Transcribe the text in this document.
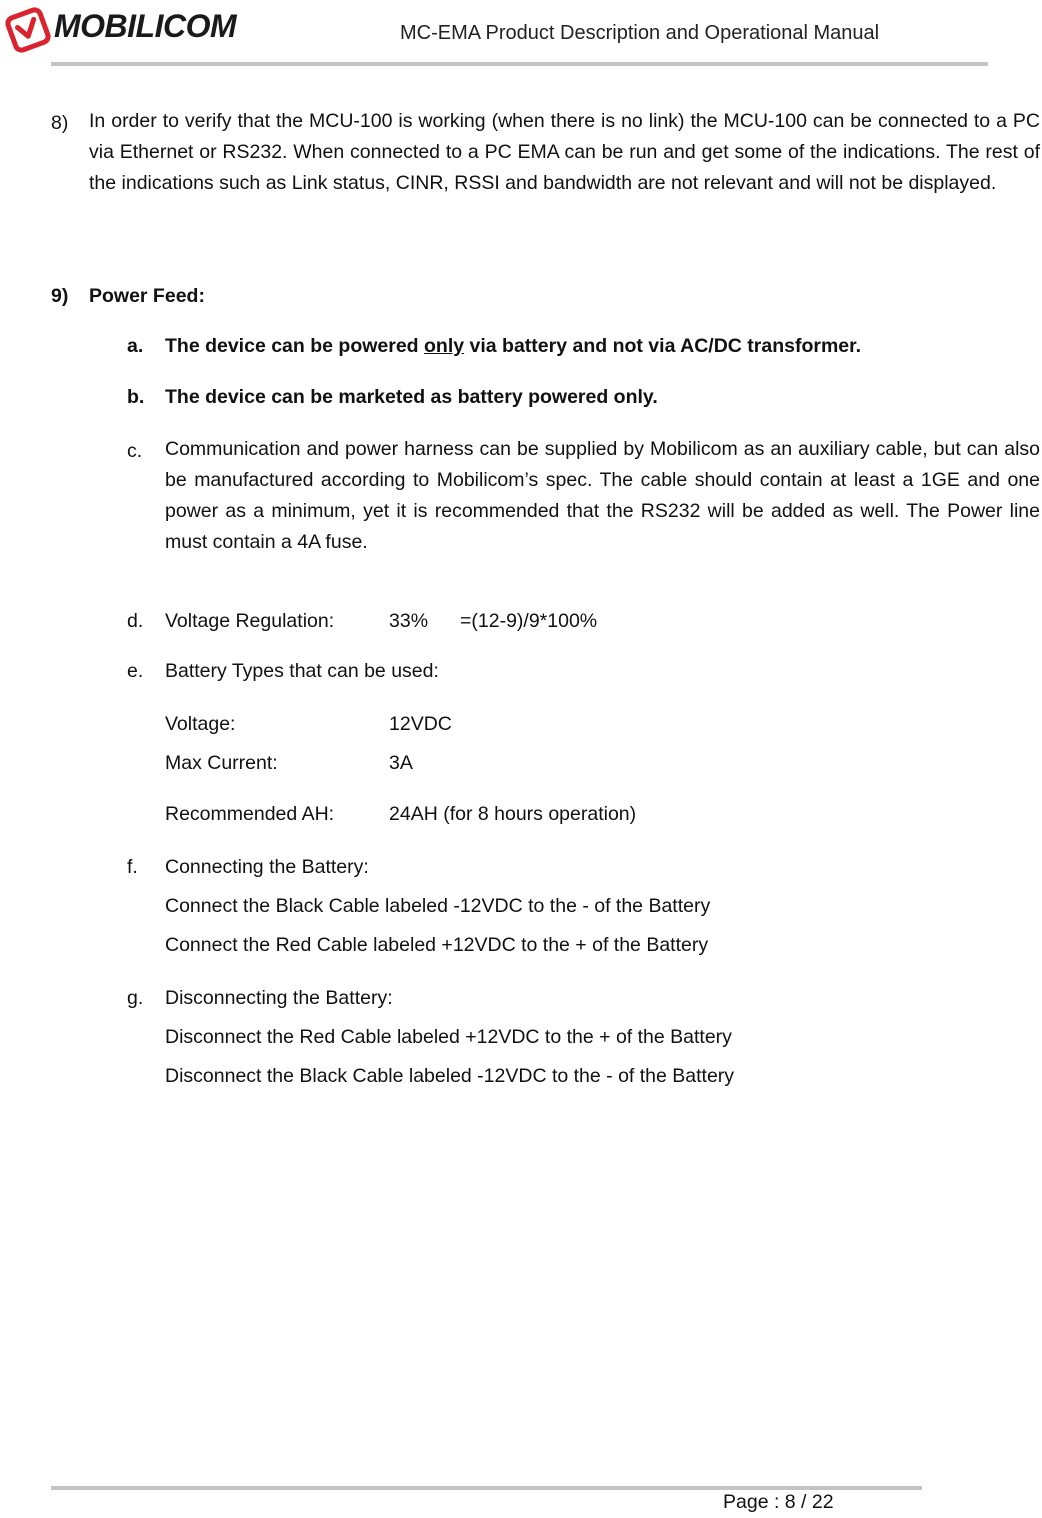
MOBILICOM	MC-EMA Product Description and Operational Manual
8) In order to verify that the MCU-100 is working (when there is no link) the MCU-100 can be connected to a PC via Ethernet or RS232. When connected to a PC EMA can be run and get some of the indications. The rest of the indications such as Link status, CINR, RSSI and bandwidth are not relevant and will not be displayed.
9) Power Feed:
a. The device can be powered only via battery and not via AC/DC transformer.
b. The device can be marketed as battery powered only.
c. Communication and power harness can be supplied by Mobilicom as an auxiliary cable, but can also be manufactured according to Mobilicom’s spec. The cable should contain at least a 1GE and one power as a minimum, yet it is recommended that the RS232 will be added as well. The Power line must contain a 4A fuse.
d. Voltage Regulation:	33% =(12-9)/9*100%
e. Battery Types that can be used:
Voltage:	12VDC
Max Current:	3A
Recommended AH:	24AH (for 8 hours operation)
f. Connecting the Battery:
Connect the Black Cable labeled -12VDC to the - of the Battery
Connect the Red Cable labeled +12VDC to the + of the Battery
g. Disconnecting the Battery:
Disconnect the Red Cable labeled +12VDC to the + of the Battery
Disconnect the Black Cable labeled -12VDC to the - of the Battery
Page : 8 / 22
